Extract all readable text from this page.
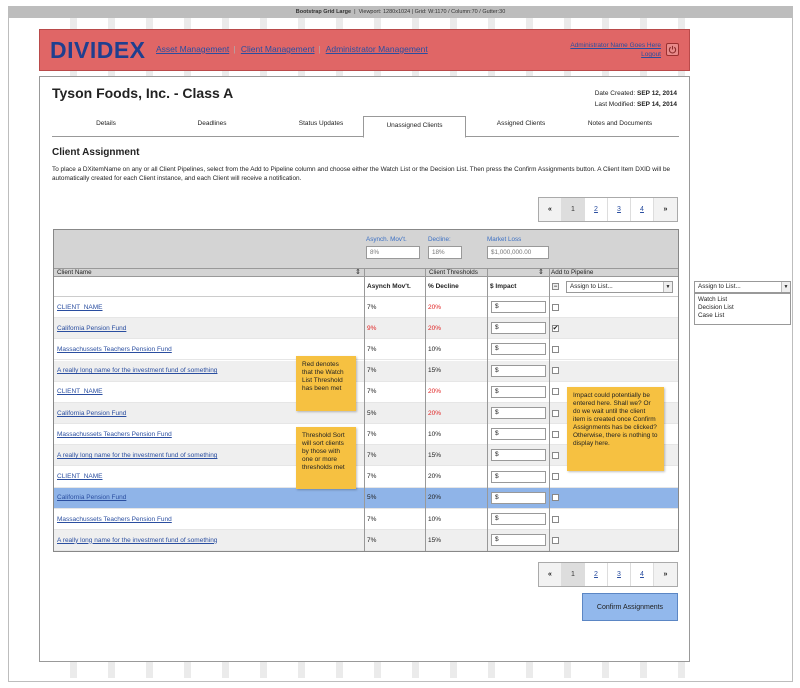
Bootstrap Grid Large  |  Viewport: 1280x1024 | Grid: W:1170 / Column:70 / Gutter:30
DIVIDEX Asset Management | Client Management | Administrator Management	Administrator Name Goes Here
Logout
Tyson Foods, Inc. - Class A	Date Created: SEP 12, 2014
Last Modified: SEP 14, 2014
Details	Deadlines	Status Updates	Unassigned Clients	Assigned Clients	Notes and Documents
Client Assignment
To place a DXitemName on any or all Client Pipelines, select from the Add to Pipeline column and choose either the Watch List or the Decision List. Then press the Confirm Assignments button. A Client Item DXID will be automatically created for each Client instance, and each Client will receive a notification.
«	1	2	3	4	»
Asynch. Mov't.
8%
Decline:
18%
Market Loss
$1,000,000.00
Client Name	⇕	Client Thresholds	⇕ Add to Pipeline
Asynch Mov't.	% Decline	$ Impact	−	Assign to List...	▼
CLIENT_NAME	7%	20%	$
California Pension Fund	9%	20%	$	✔
Massachussets Teachers Pension Fund	7%	10%	$
A really long name for the investment fund of something	7%	15%	$
CLIENT_NAME	7%	20%	$
California Pension Fund	5%	20%	$
Massachussets Teachers Pension Fund	7%	10%	$
A really long name for the investment fund of something	7%	15%	$
CLIENT_NAME	7%	20%	$
California Pension Fund	5%	20%	$
Massachussets Teachers Pension Fund	7%	10%	$
A really long name for the investment fund of something	7%	15%	$
Red denotes that the Watch List Threshold has been met
Threshold Sort will sort clients by those with one or more thresholds met
Impact could potentially be entered here. Shall we? Or do we wait until the client item is created once Confirm Assignments has be clicked? Otherwise, there is nothing to display here.
«	1	2	3	4	»
Confirm Assignments
Assign to List...	▼
Watch List
Decision List
Case List
